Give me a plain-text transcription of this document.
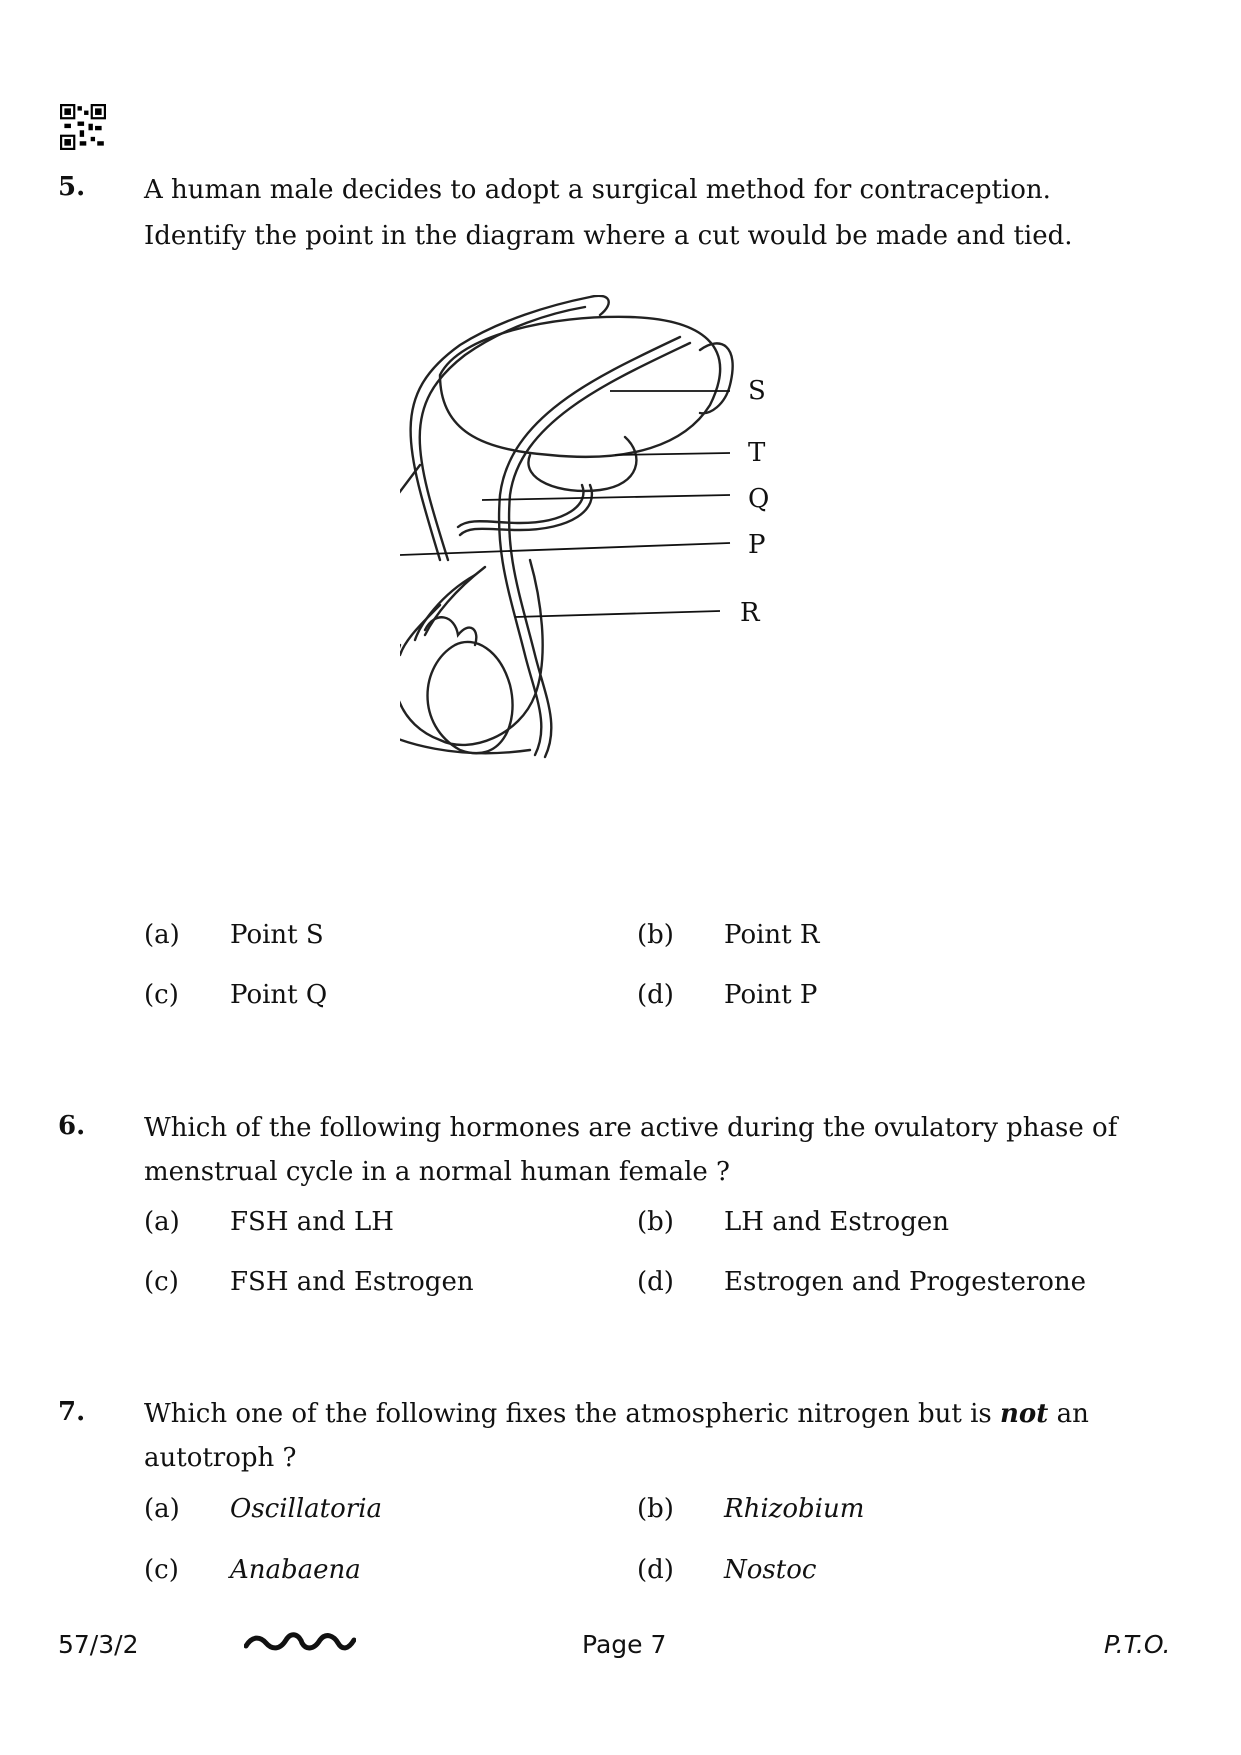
5. A human male decides to adopt a surgical method for contraception.
Identify the point in the diagram where a cut would be made and tied.
S
T
Q
P
R
(a) Point S	(b) Point R
(c) Point Q	(d) Point P
6. Which of the following hormones are active during the ovulatory phase of
menstrual cycle in a normal human female ?
(a) FSH and LH	(b) LH and Estrogen
(c) FSH and Estrogen	(d) Estrogen and Progesterone
7. Which one of the following fixes the atmospheric nitrogen but is not an
autotroph ?
(a) Oscillatoria	(b) Rhizobium
(c) Anabaena	(d) Nostoc
57/3/2	Page 7	P.T.O.
